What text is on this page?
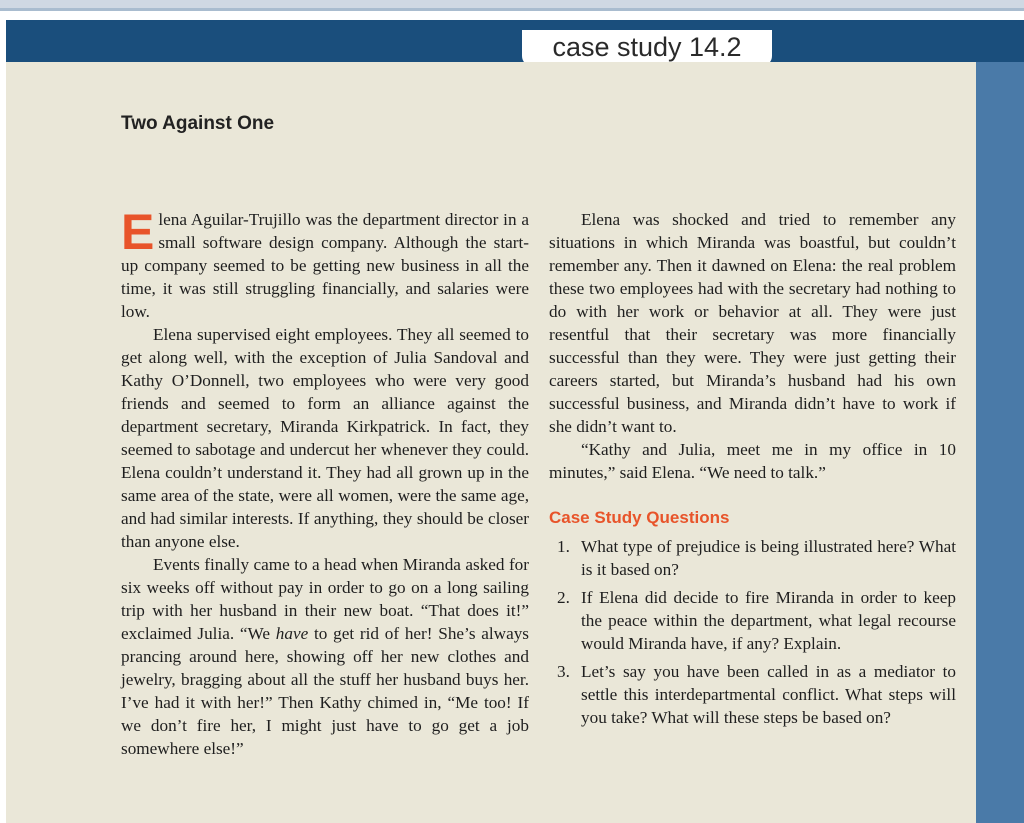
case study 14.2
Two Against One

Elena Aguilar-Trujillo was the department director in a small software design company. Although the start-up company seemed to be getting new business in all the time, it was still struggling financially, and salaries were low.

Elena supervised eight employees. They all seemed to get along well, with the exception of Julia Sandoval and Kathy O’Donnell, two employees who were very good friends and seemed to form an alliance against the department secretary, Miranda Kirkpatrick. In fact, they seemed to sabotage and undercut her whenever they could. Elena couldn’t understand it. They had all grown up in the same area of the state, were all women, were the same age, and had similar interests. If anything, they should be closer than anyone else.

Events finally came to a head when Miranda asked for six weeks off without pay in order to go on a long sailing trip with her husband in their new boat. “That does it!” exclaimed Julia. “We have to get rid of her! She’s always prancing around here, showing off her new clothes and jewelry, bragging about all the stuff her husband buys her. I’ve had it with her!” Then Kathy chimed in, “Me too! If we don’t fire her, I might just have to go get a job somewhere else!”

Elena was shocked and tried to remember any situations in which Miranda was boastful, but couldn’t remember any. Then it dawned on Elena: the real problem these two employees had with the secretary had nothing to do with her work or behavior at all. They were just resentful that their secretary was more financially successful than they were. They were just getting their careers started, but Miranda’s husband had his own successful business, and Miranda didn’t have to work if she didn’t want to.

“Kathy and Julia, meet me in my office in 10 minutes,” said Elena. “We need to talk.”

Case Study Questions

1. What type of prejudice is being illustrated here? What is it based on?
2. If Elena did decide to fire Miranda in order to keep the peace within the department, what legal recourse would Miranda have, if any? Explain.
3. Let’s say you have been called in as a mediator to settle this interdepartmental conflict. What steps will you take? What will these steps be based on?
